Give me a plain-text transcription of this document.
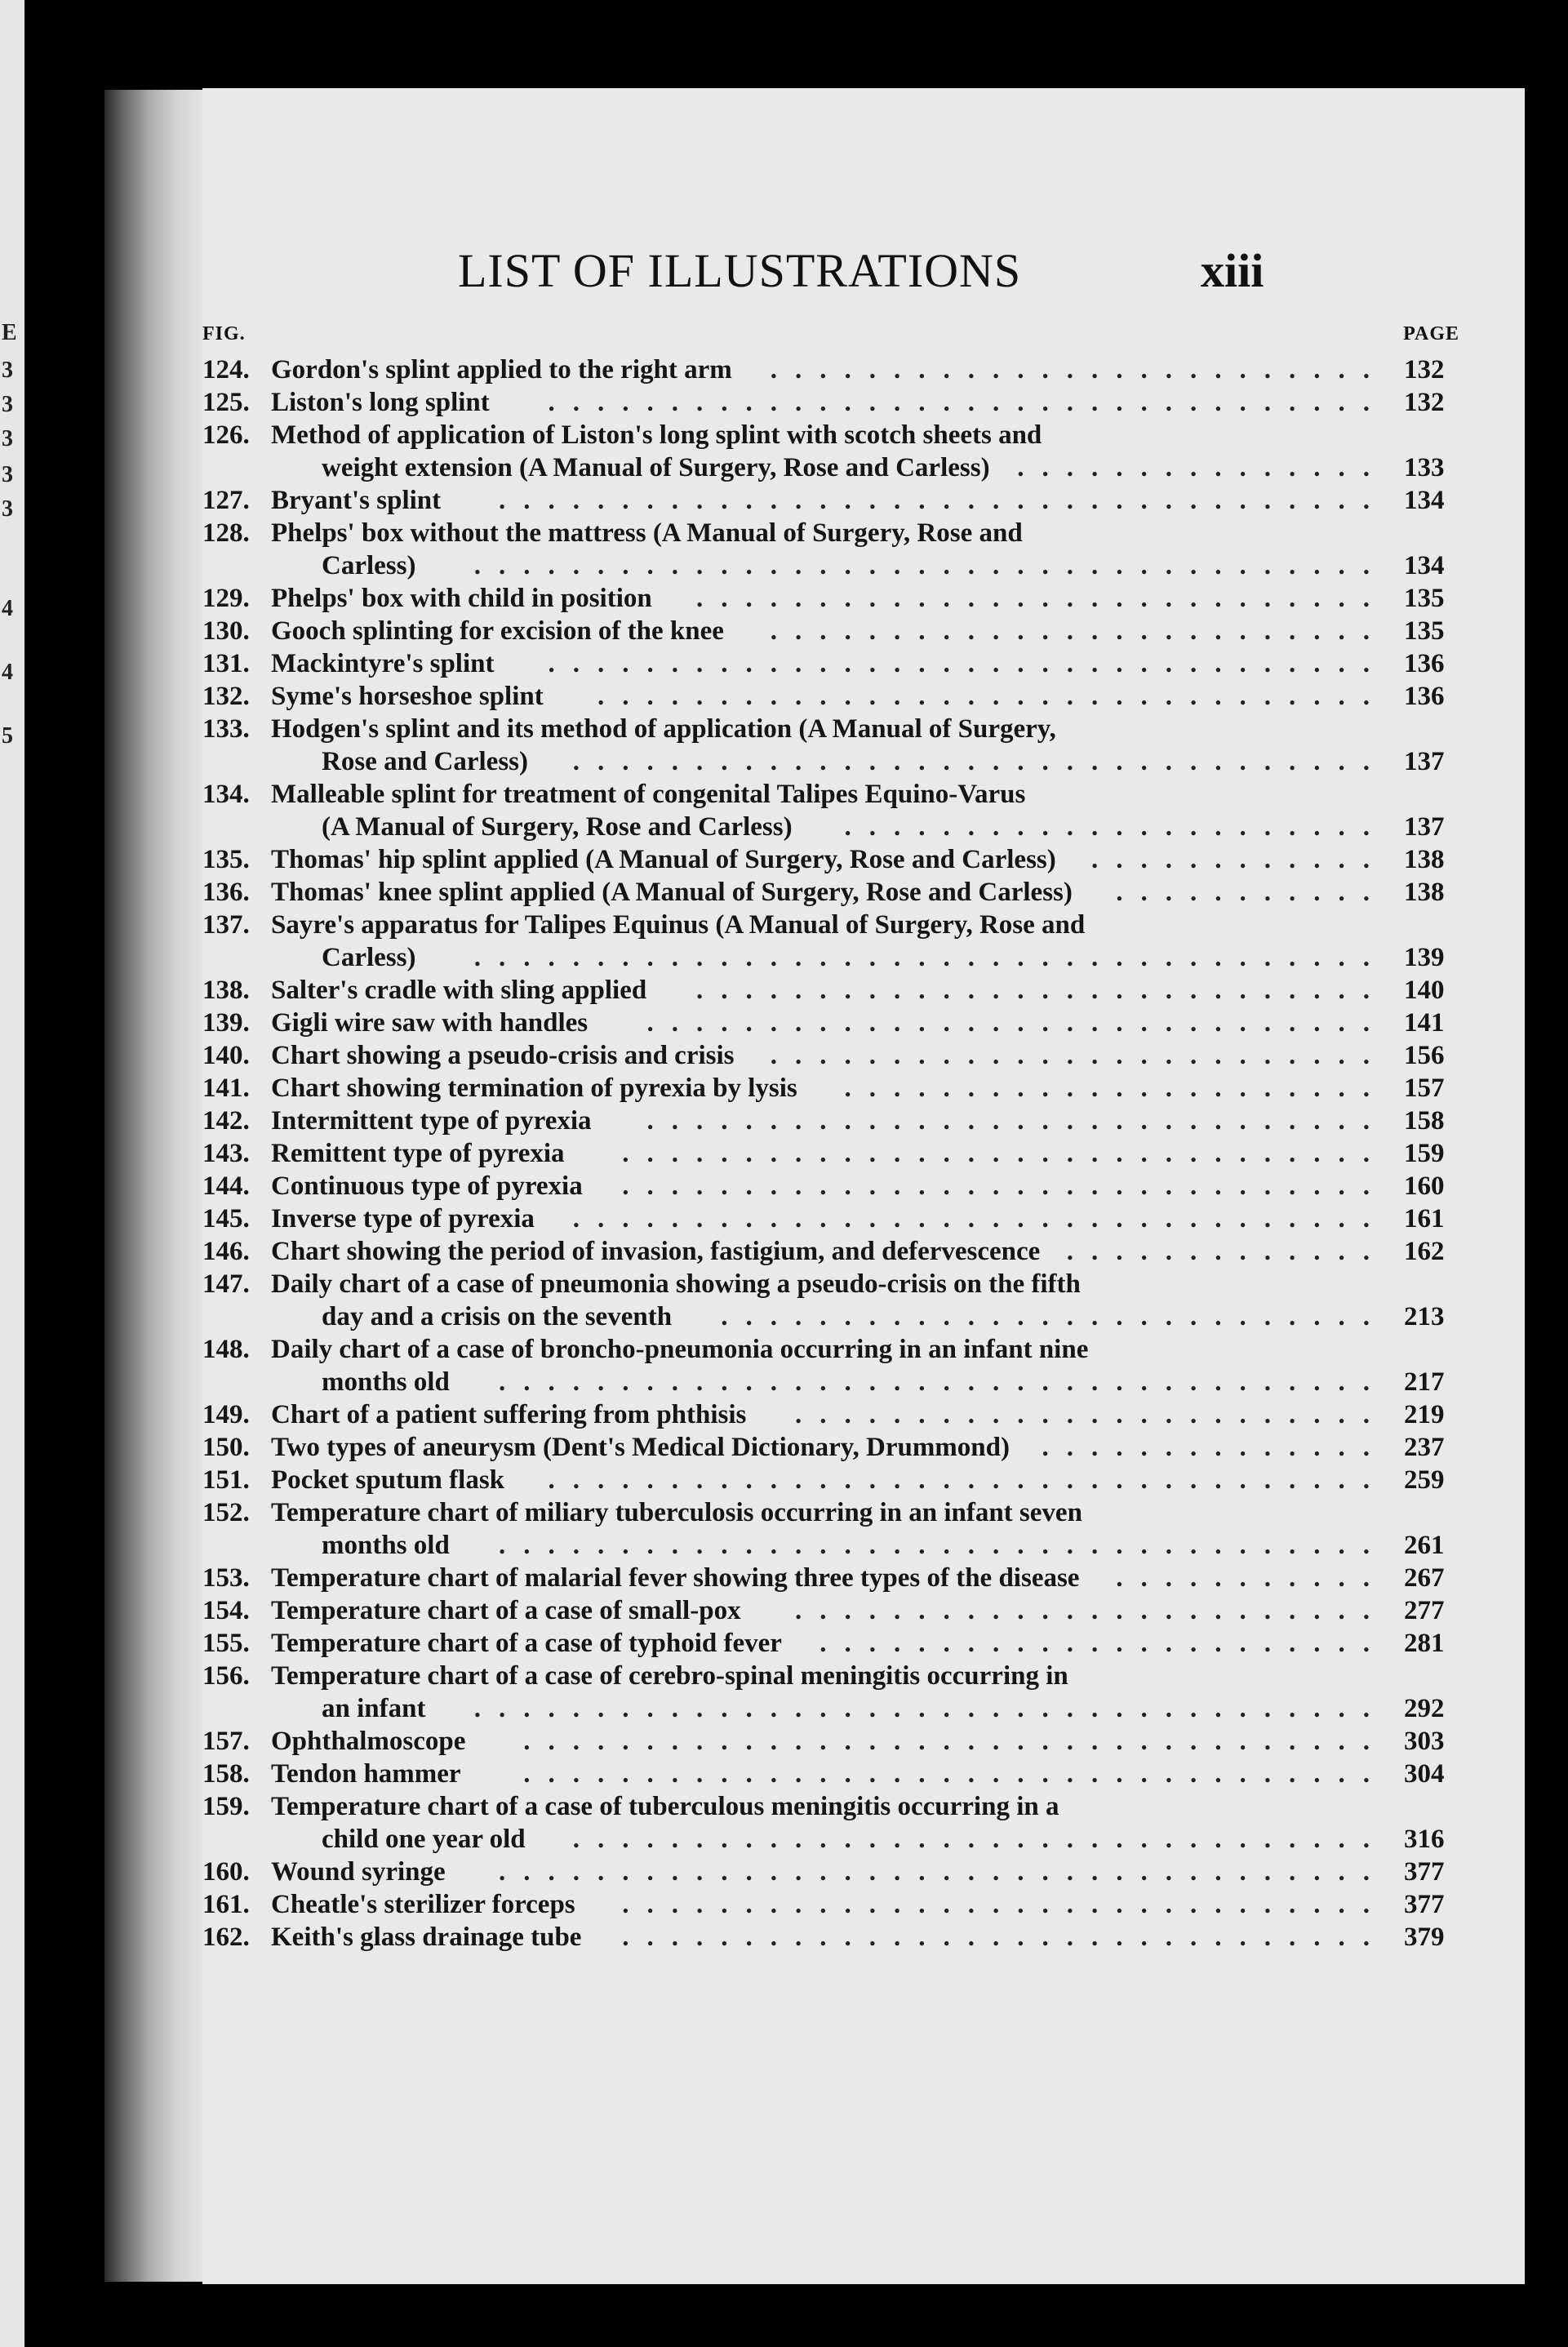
E
3
3
3
3
3
4
4
5
LIST OF ILLUSTRATIONS	xiii
FIG.	PAGE
124. Gordon's splint applied to the right arm ......................... 132
125. Liston's long splint .................................. 132
126. Method of application of Liston's long splint with scotch sheets and
weight extension (A Manual of Surgery, Rose and Carless) ............... 133
127. Bryant's splint .................................... 134
128. Phelps' box without the mattress (A Manual of Surgery, Rose and
Carless) ..................................... 134
129. Phelps' box with child in position ............................ 135
130. Gooch splinting for excision of the knee ......................... 135
131. Mackintyre's splint .................................. 136
132. Syme's horseshoe splint ................................ 136
133. Hodgen's splint and its method of application (A Manual of Surgery,
Rose and Carless) ................................. 137
134. Malleable splint for treatment of congenital Talipes Equino-Varus
(A Manual of Surgery, Rose and Carless) ...................... 137
135. Thomas' hip splint applied (A Manual of Surgery, Rose and Carless) ............ 138
136. Thomas' knee splint applied (A Manual of Surgery, Rose and Carless) ........... 138
137. Sayre's apparatus for Talipes Equinus (A Manual of Surgery, Rose and
Carless) ..................................... 139
138. Salter's cradle with sling applied ............................ 140
139. Gigli wire saw with handles .............................. 141
140. Chart showing a pseudo-crisis and crisis ......................... 156
141. Chart showing termination of pyrexia by lysis ...................... 157
142. Intermittent type of pyrexia .............................. 158
143. Remittent type of pyrexia ............................... 159
144. Continuous type of pyrexia ............................... 160
145. Inverse type of pyrexia ................................. 161
146. Chart showing the period of invasion, fastigium, and defervescence ............. 162
147. Daily chart of a case of pneumonia showing a pseudo-crisis on the fifth
day and a crisis on the seventh ........................... 213
148. Daily chart of a case of broncho-pneumonia occurring in an infant nine
months old .................................... 217
149. Chart of a patient suffering from phthisis ........................ 219
150. Two types of aneurysm (Dent's Medical Dictionary, Drummond) .............. 237
151. Pocket sputum flask .................................. 259
152. Temperature chart of miliary tuberculosis occurring in an infant seven
months old .................................... 261
153. Temperature chart of malarial fever showing three types of the disease ........... 267
154. Temperature chart of a case of small-pox ........................ 277
155. Temperature chart of a case of typhoid fever ....................... 281
156. Temperature chart of a case of cerebro-spinal meningitis occurring in
an infant ..................................... 292
157. Ophthalmoscope ................................... 303
158. Tendon hammer ................................... 304
159. Temperature chart of a case of tuberculous meningitis occurring in a
child one year old ................................. 316
160. Wound syringe .................................... 377
161. Cheatle's sterilizer forceps ............................... 377
162. Keith's glass drainage tube ............................... 379
